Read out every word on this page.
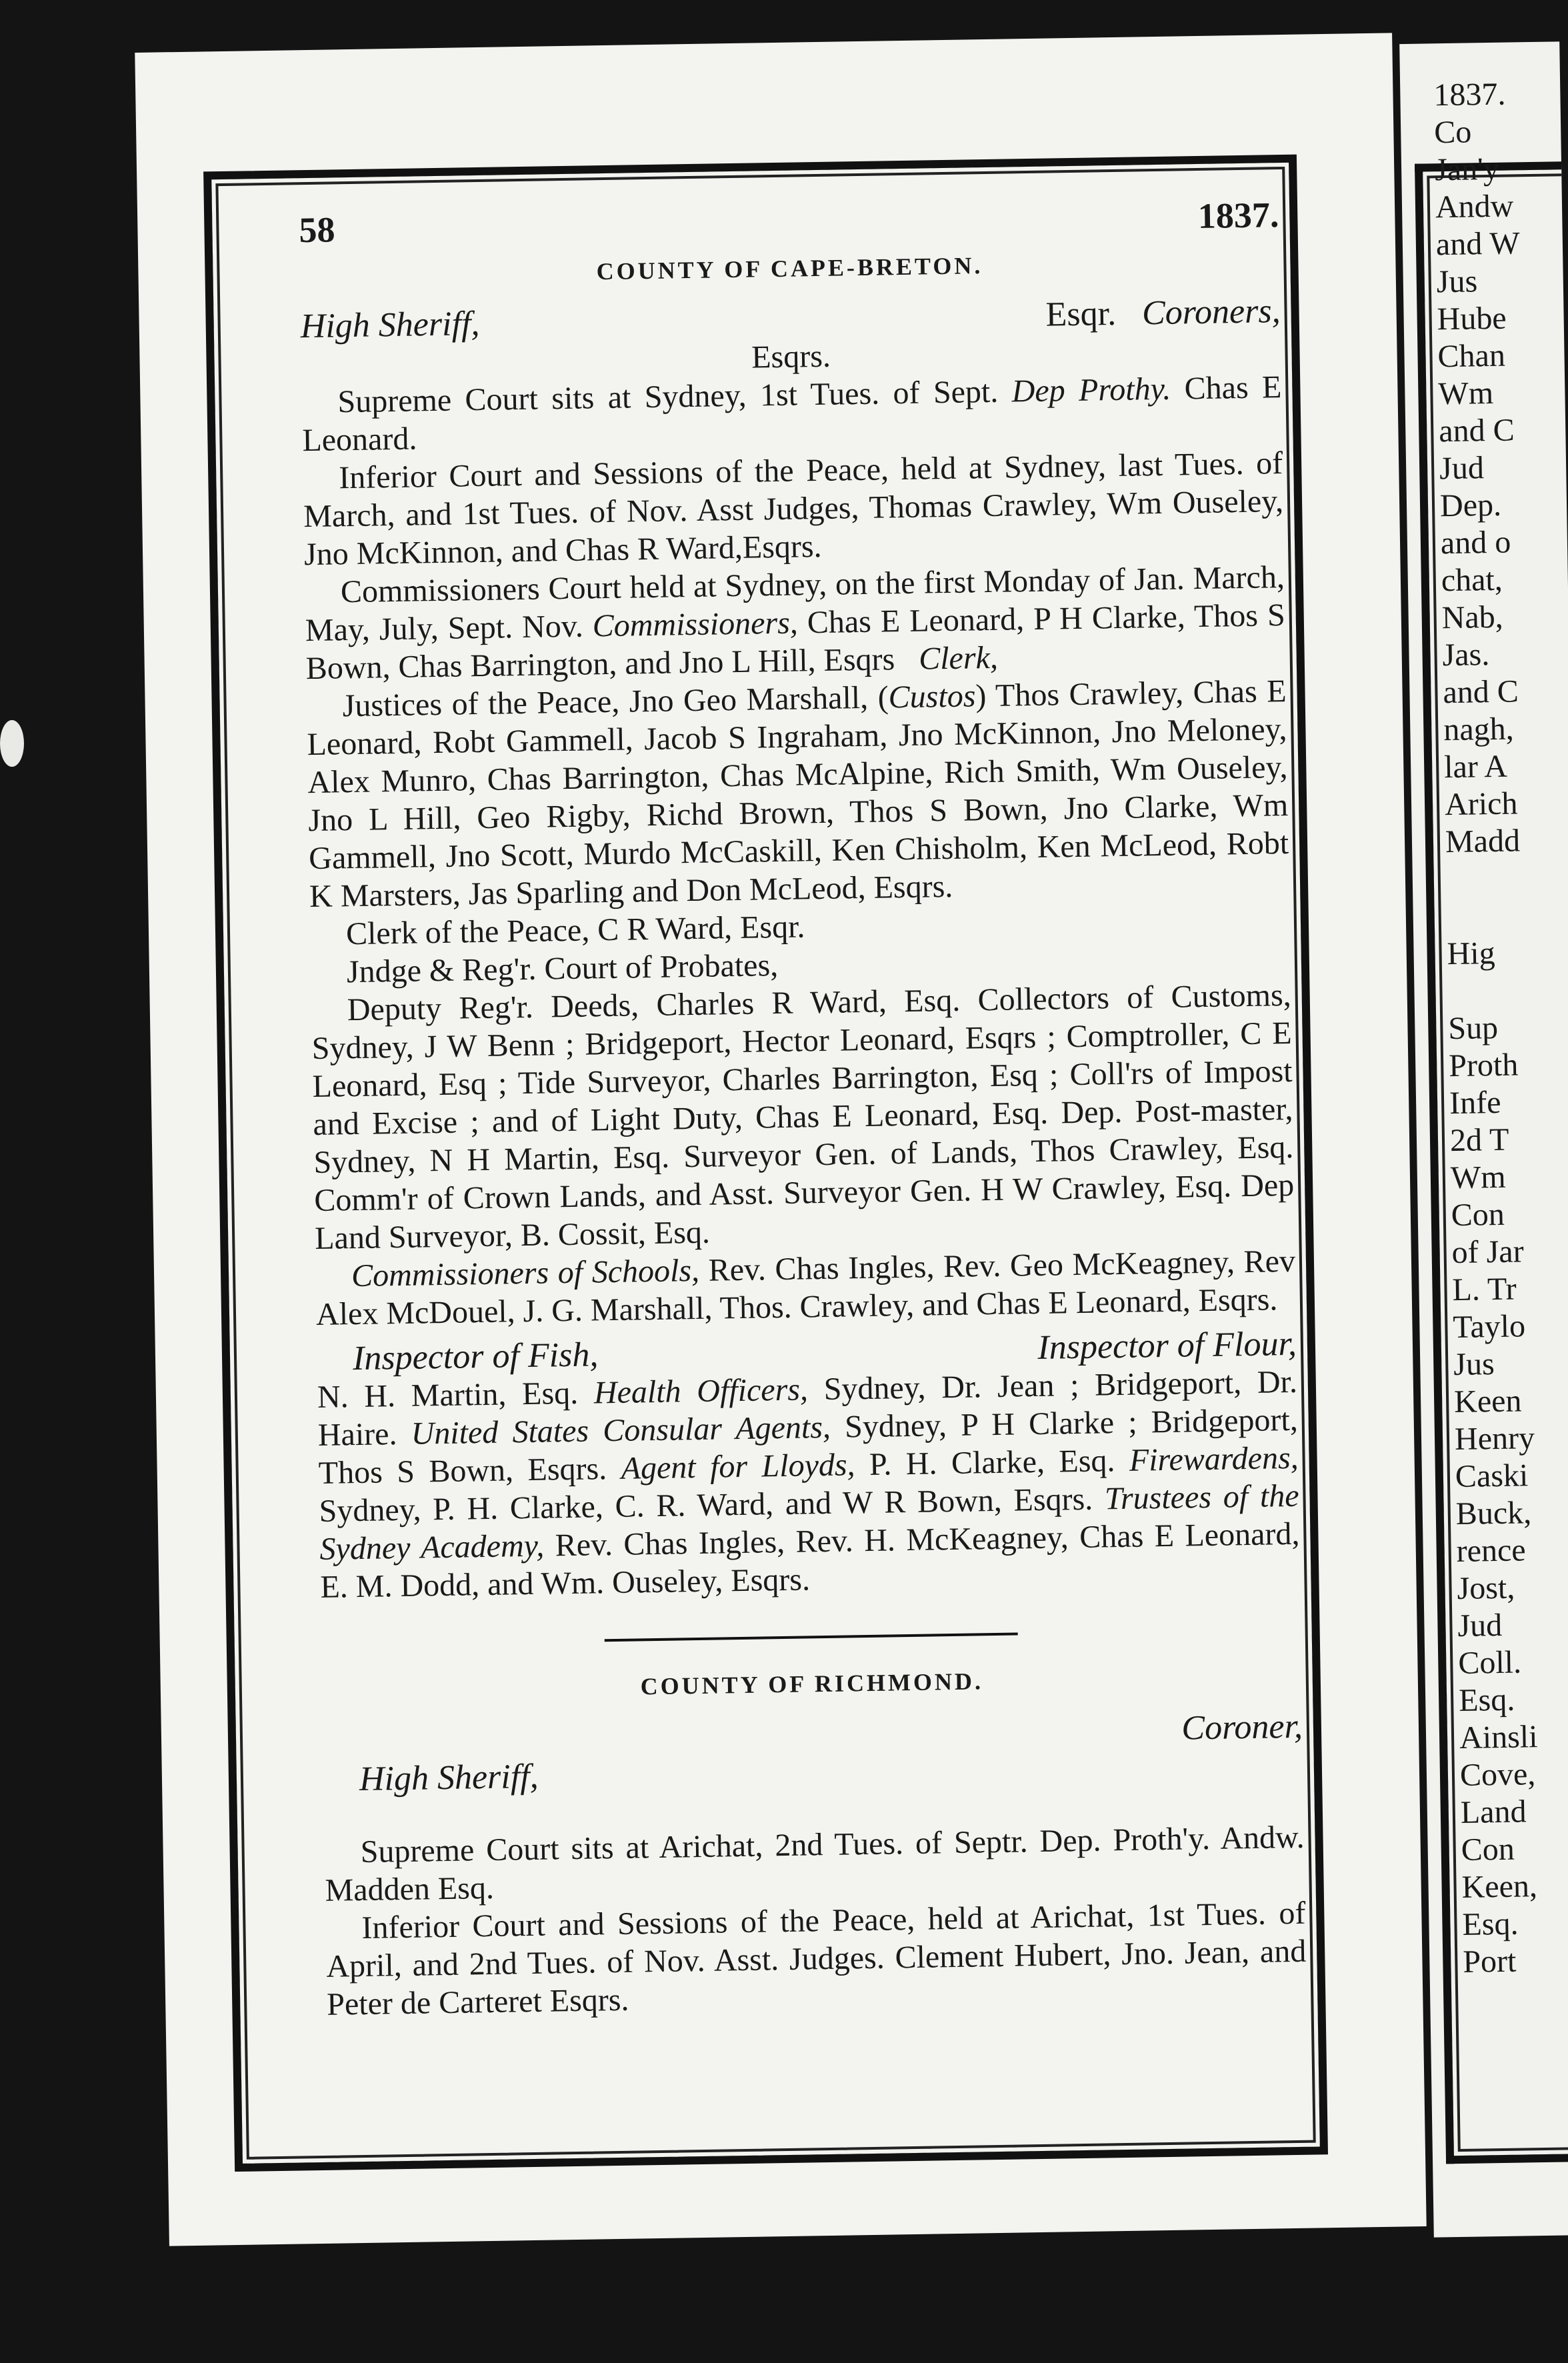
58	1837.
COUNTY OF CAPE-BRETON.
High Sheriff,	Esqr. Coroners,

Esqrs.

Supreme Court sits at Sydney, 1st Tues. of Sept. Dep Prothy. Chas E Leonard.

Inferior Court and Sessions of the Peace, held at Sydney, last Tues. of March, and 1st Tues. of Nov. Asst Judges, Thomas Crawley, Wm Ouseley, Jno McKinnon, and Chas R Ward,Esqrs.

Commissioners Court held at Sydney, on the first Monday of Jan. March, May, July, Sept. Nov. Commissioners, Chas E Leonard, P H Clarke, Thos S Bown, Chas Barrington, and Jno L Hill, Esqrs Clerk,

Justices of the Peace, Jno Geo Marshall, (Custos) Thos Crawley, Chas E Leonard, Robt Gammell, Jacob S Ingraham, Jno McKinnon, Jno Meloney, Alex Munro, Chas Barrington, Chas McAlpine, Rich Smith, Wm Ouseley, Jno L Hill, Geo Rigby, Richd Brown, Thos S Bown, Jno Clarke, Wm Gammell, Jno Scott, Murdo McCaskill, Ken Chisholm, Ken McLeod, Robt K Marsters, Jas Sparling and Don McLeod, Esqrs.

Clerk of the Peace, C R Ward, Esqr.

Jndge & Reg'r. Court of Probates,

Deputy Reg'r. Deeds, Charles R Ward, Esq. Collectors of Customs, Sydney, J W Benn ; Bridgeport, Hector Leonard, Esqrs ; Comptroller, C E Leonard, Esq ; Tide Surveyor, Charles Barrington, Esq ; Coll'rs of Impost and Excise ; and of Light Duty, Chas E Leonard, Esq. Dep. Post-master, Sydney, N H Martin, Esq. Surveyor Gen. of Lands, Thos Crawley, Esq. Comm'r of Crown Lands, and Asst. Surveyor Gen. H W Crawley, Esq. Dep Land Surveyor, B. Cossit, Esq.

Commissioners of Schools, Rev. Chas Ingles, Rev. Geo McKeagney, Rev Alex McDouel, J. G. Marshall, Thos. Crawley, and Chas E Leonard, Esqrs.

Inspector of Fish,	Inspector of Flour,

N. H. Martin, Esq. Health Officers, Sydney, Dr. Jean ; Bridgeport, Dr. Haire. United States Consular Agents, Sydney, P H Clarke ; Bridgeport, Thos S Bown, Esqrs. Agent for Lloyds, P. H. Clarke, Esq. Firewardens, Sydney, P. H. Clarke, C. R. Ward, and W R Bown, Esqrs. Trustees of the Sydney Academy, Rev. Chas Ingles, Rev. H. McKeagney, Chas E Leonard, E. M. Dodd, and Wm. Ouseley, Esqrs.

COUNTY OF RICHMOND.
Coroner,
High Sheriff,

Supreme Court sits at Arichat, 2nd Tues. of Septr. Dep. Proth'y. Andw. Madden Esq.

Inferior Court and Sessions of the Peace, held at Arichat, 1st Tues. of April, and 2nd Tues. of Nov. Asst. Judges. Clement Hubert, Jno. Jean, and Peter de Carteret Esqrs.

1837.
Co
Jan'y
Andw
and W
Jus
Hube
Chan
Wm
and C
Jud
Dep.
and o
chat,
Nab,
Jas.
and C
nagh,
lar A
Arich
Madd
Hig
Sup
Proth
Infe
2d T
Wm
Con
of Jar
L. Tr
Taylo
Jus
Keen
Henry
Caski
Buck,
rence
Jost,
Jud
Coll.
Esq.
Ainsli
Cove,
Land
Con
Keen,
Esq.
Port
